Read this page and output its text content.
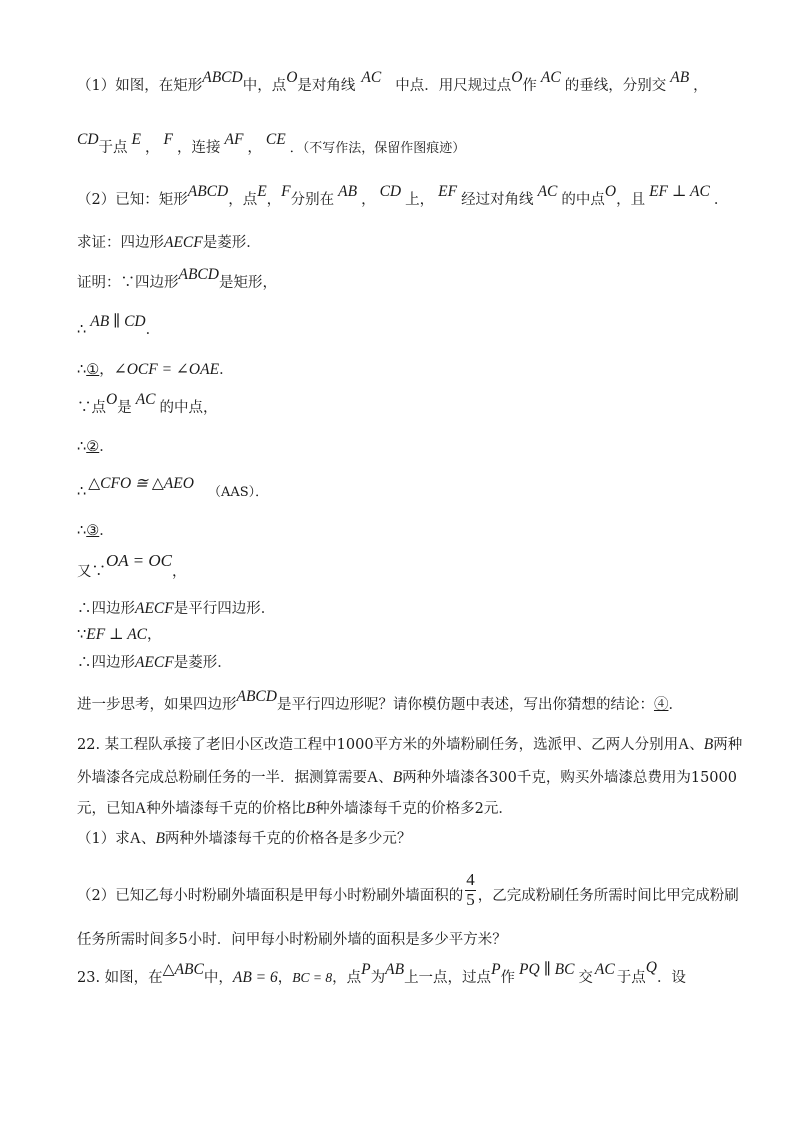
（1）如图，在矩形ABCD中，点O是对角线 AC 中点．用尺规过点O作 AC 的垂线，分别交 AB ，
CD于点 E ， F ，连接 AF ， CE．（不写作法，保留作图痕迹）
（2）已知：矩形ABCD，点E，F分别在 AB ， CD 上， EF 经过对角线 AC 的中点O，且 EF ⊥ AC ．
求证：四边形AECF是菱形．
证明：∵四边形ABCD是矩形，
∴ AB ∥ CD．
∴①，∠OCF = ∠OAE．
∵点O是 AC 的中点，
∴②．
∴ △CFO ≅ △AEO（AAS）．
∴③．
又∵OA = OC，
∴四边形AECF是平行四边形．
∵EF ⊥ AC，
∴四边形AECF是菱形．
进一步思考，如果四边形ABCD是平行四边形呢？请你模仿题中表述，写出你猜想的结论：④．
22. 某工程队承接了老旧小区改造工程中1000平方米的外墙粉刷任务，选派甲、乙两人分别用A、B两种
外墙漆各完成总粉刷任务的一半．据测算需要A、B两种外墙漆各300千克，购买外墙漆总费用为15000
元，已知A种外墙漆每千克的价格比B种外墙漆每千克的价格多2元．
（1）求A、B两种外墙漆每千克的价格各是多少元？
（2）已知乙每小时粉刷外墙面积是甲每小时粉刷外墙面积的 $\frac{4}{5}$ ，乙完成粉刷任务所需时间比甲完成粉刷
任务所需时间多5小时．问甲每小时粉刷外墙的面积是多少平方米？
23. 如图，在△ABC中，AB = 6，BC = 8，点P为AB上一点，过点P作 PQ ∥ BC 交 AC 于点Q．设
